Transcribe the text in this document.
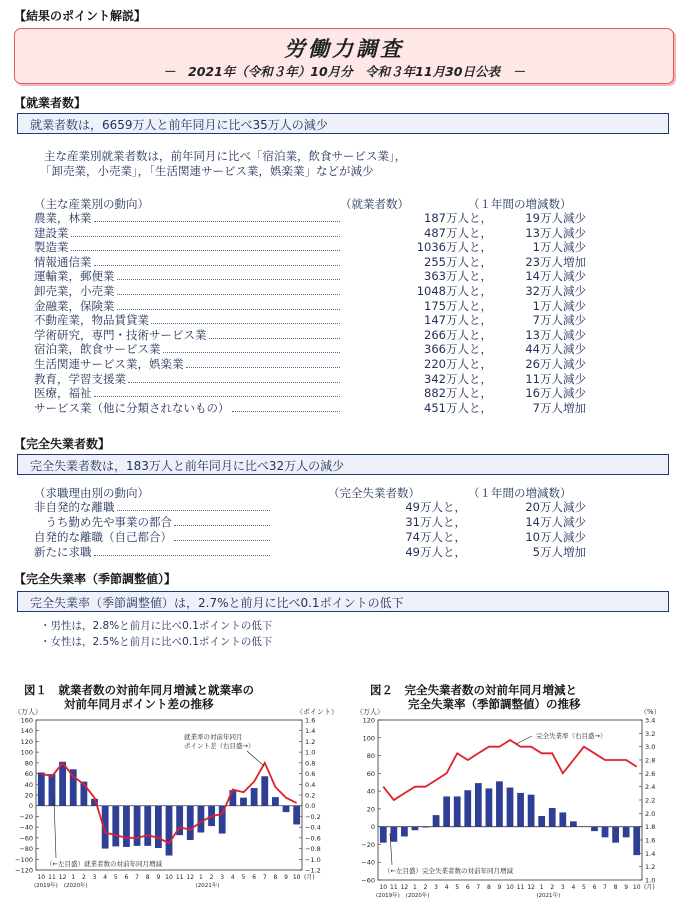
【結果のポイント解説】
労働力調査
－　2021年（令和３年）10月分　令和３年11月30日公表　－
【就業者数】
就業者数は，6659万人と前年同月に比べ35万人の減少
主な産業別就業者数は，前年同月に比べ「宿泊業，飲食サービス業」，
「卸売業，小売業」，「生活関連サービス業，娯楽業」などが減少
（主な産業別の動向）	（就業者数）	（１年間の増減数）
農業，林業	187万人と，	19万人減少
建設業	487万人と，	13万人減少
製造業	1036万人と，	1万人減少
情報通信業	255万人と，	23万人増加
運輸業，郵便業	363万人と，	14万人減少
卸売業，小売業	1048万人と，	32万人減少
金融業，保険業	175万人と，	1万人減少
不動産業，物品賃貸業	147万人と，	7万人減少
学術研究，専門・技術サービス業	266万人と，	13万人減少
宿泊業，飲食サービス業	366万人と，	44万人減少
生活関連サービス業，娯楽業	220万人と，	26万人減少
教育，学習支援業	342万人と，	11万人減少
医療，福祉	882万人と，	16万人減少
サービス業（他に分類されないもの）	451万人と，	7万人増加
【完全失業者数】
完全失業者数は，183万人と前年同月に比べ32万人の減少
（求職理由別の動向）	（完全失業者数）	（１年間の増減数）
非自発的な離職	49万人と，	20万人減少
　うち勤め先や事業の都合	31万人と，	14万人減少
自発的な離職（自己都合）	74万人と，	10万人減少
新たに求職	49万人と，	5万人増加
【完全失業率（季節調整値）】
完全失業率（季節調整値）は，2.7%と前月に比べ0.1ポイントの低下
・男性は，2.8%と前月に比べ0.1ポイントの低下
・女性は，2.5%と前月に比べ0.1ポイントの低下
図１　就業者数の対前年同月増減と就業率の
対前年同月ポイント差の推移
図２　完全失業者数の対前年同月増減と
完全失業率（季節調整値）の推移
160
140
120
100
80
60
40
20
0
−20
−40
−60
−80
−100
−120
1.6
1.4
1.2
1.0
0.8
0.6
0.4
0.2
0.0
−0.2
−0.4
−0.6
−0.8
−1.0
−1.2
（万人）	（ポイント）
10 11 12 1 2 3 4 5 6 7 8 9 10 11 12 1 2 3 4 5 6 7 8 9 10 (月)
(2019年) (2020年)	(2021年)
就業率の対前年同月
ポイント差（右目盛→）
（←左目盛）就業者数の対前年同月増減
120
100
80
60
40
20
0
−20
−40
−60
3.4
3.2
3.0
2.8
2.6
2.4
2.2
2.0
1.8
1.6
1.4
1.2
1.0
（万人）	（%）
10 11 12 1 2 3 4 5 6 7 8 9 10 11 12 1 2 3 4 5 6 7 8 9 10 (月)
(2019年) (2020年)	(2021年)
完全失業率（右目盛→）
（←左目盛）完全失業者数の対前年同月増減
